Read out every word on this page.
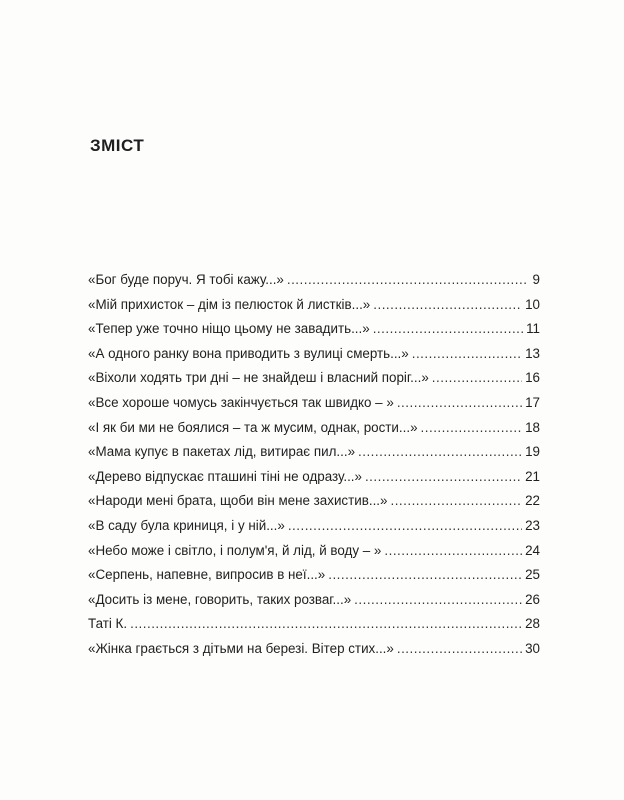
ЗМІСТ
«Бог буде поруч. Я тобі кажу...» .....	9
«Мій прихисток – дім із пелюсток й листків...» .....	10
«Тепер уже точно ніщо цьому не завадить...» .....	11
«А одного ранку вона приводить з вулиці смерть...» .....	13
«Віхоли ходять три дні – не знайдеш і власний поріг...» .....	16
«Все хороше чомусь закінчується так швидко – » .....	17
«І як би ми не боялися – та ж мусим, однак, рости...» .....	18
«Мама купує в пакетах лід, витирає пил...» .....	19
«Дерево відпускає пташині тіні не одразу...» .....	21
«Народи мені брата, щоби він мене захистив...» .....	22
«В саду була криниця, і у ній...» .....	23
«Небо може і світло, і полум'я, й лід, й воду – » .....	24
«Серпень, напевне, випросив в неї...» .....	25
«Досить із мене, говорить, таких розваг...» .....	26
Таті К. .....	28
«Жінка грається з дітьми на березі. Вітер стих...» .....	30
